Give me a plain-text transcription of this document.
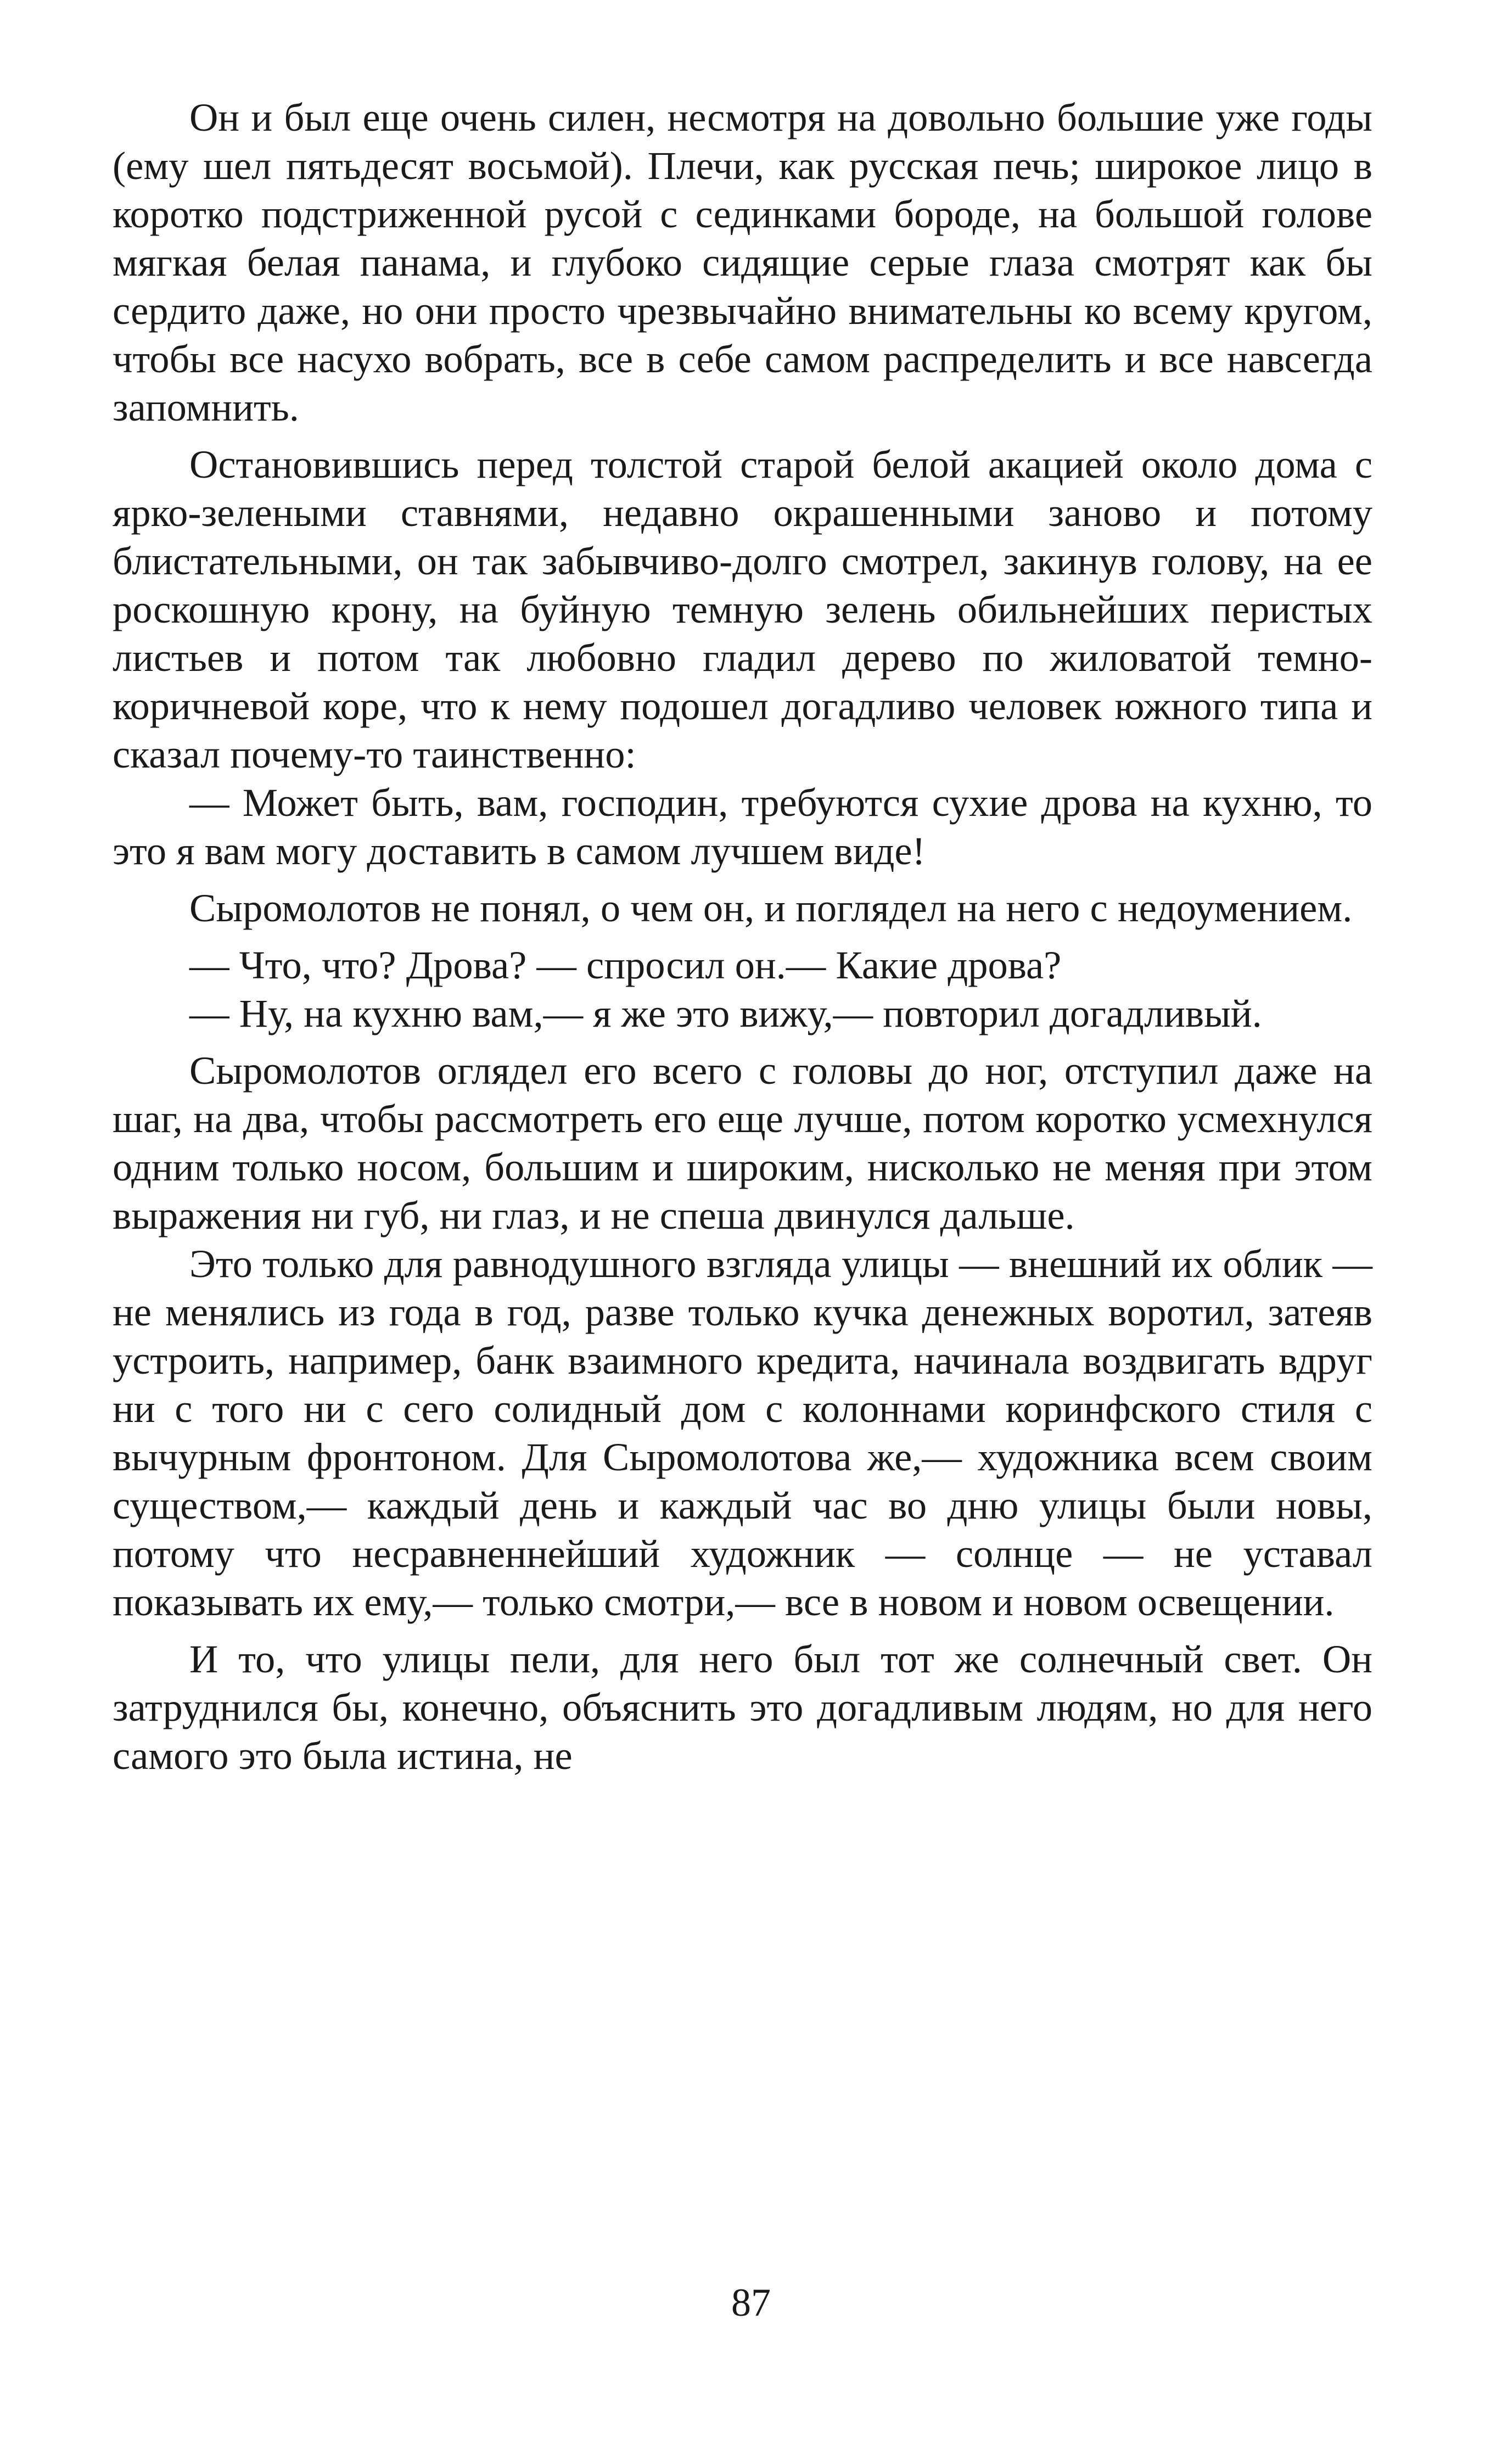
Он и был еще очень силен, несмотря на довольно большие уже годы (ему шел пятьдесят восьмой). Плечи, как русская печь; широкое лицо в коротко подстриженной русой с сединками бороде, на большой голове мягкая белая панама, и глубоко сидящие серые глаза смотрят как бы сердито даже, но они просто чрезвычайно внимательны ко всему кругом, чтобы все насухо вобрать, все в себе самом распределить и все навсегда запомнить.

Остановившись перед толстой старой белой акацией около дома с ярко-зелеными ставнями, недавно окрашенными заново и потому блистательными, он так забывчиво-долго смотрел, закинув голову, на ее роскошную крону, на буйную темную зелень обильнейших перистых листьев и потом так любовно гладил дерево по жиловатой темно-коричневой коре, что к нему подошел догадливо человек южного типа и сказал почему-то таинственно:

— Может быть, вам, господин, требуются сухие дрова на кухню, то это я вам могу доставить в самом лучшем виде!

Сыромолотов не понял, о чем он, и поглядел на него с недоумением.

— Что, что? Дрова? — спросил он.— Какие дрова?

— Ну, на кухню вам,— я же это вижу,— повторил догадливый.

Сыромолотов оглядел его всего с головы до ног, отступил даже на шаг, на два, чтобы рассмотреть его еще лучше, потом коротко усмехнулся одним только носом, большим и широким, нисколько не меняя при этом выражения ни губ, ни глаз, и не спеша двинулся дальше.

Это только для равнодушного взгляда улицы — внешний их облик — не менялись из года в год, разве только кучка денежных воротил, затеяв устроить, например, банк взаимного кредита, начинала воздвигать вдруг ни с того ни с сего солидный дом с колоннами коринфского стиля с вычурным фронтоном. Для Сыромолотова же,— художника всем своим существом,— каждый день и каждый час во дню улицы были новы, потому что несравненнейший художник — солнце — не уставал показывать их ему,— только смотри,— все в новом и новом освещении.

И то, что улицы пели, для него был тот же солнечный свет. Он затруднился бы, конечно, объяснить это догадливым людям, но для него самого это была истина, не

87
